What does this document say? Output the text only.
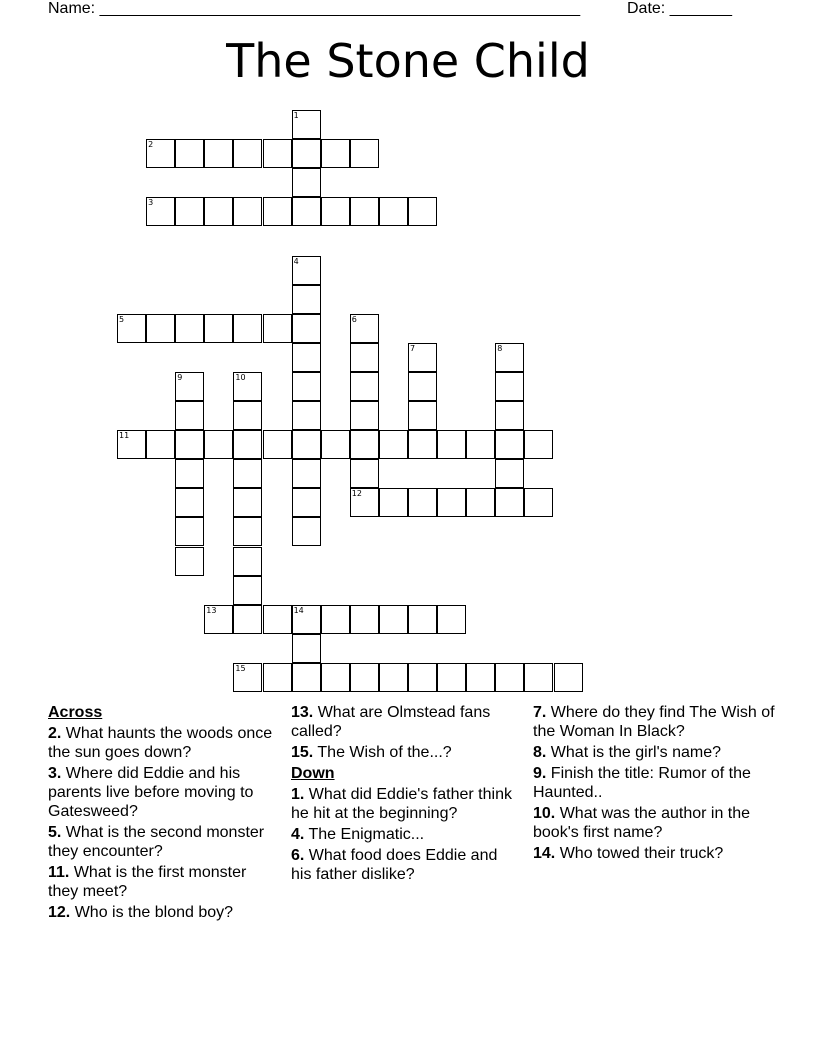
Name: ______________________________________________________	Date: _______
The Stone Child
1
2
3
4
5	6
12
7	8
9	10
11
13	14
15
Across
2. What haunts the woods once the sun goes down?
3. Where did Eddie and his parents live before moving to Gatesweed?
5. What is the second monster they encounter?
11. What is the first monster they meet?
12. Who is the blond boy?
13. What are Olmstead fans called?
15. The Wish of the...?
Down
1. What did Eddie's father think he hit at the beginning?
4. The Enigmatic...
6. What food does Eddie and his father dislike?
7. Where do they find The Wish of the Woman In Black?
8. What is the girl's name?
9. Finish the title: Rumor of the Haunted..
10. What was the author in the book's first name?
14. Who towed their truck?
